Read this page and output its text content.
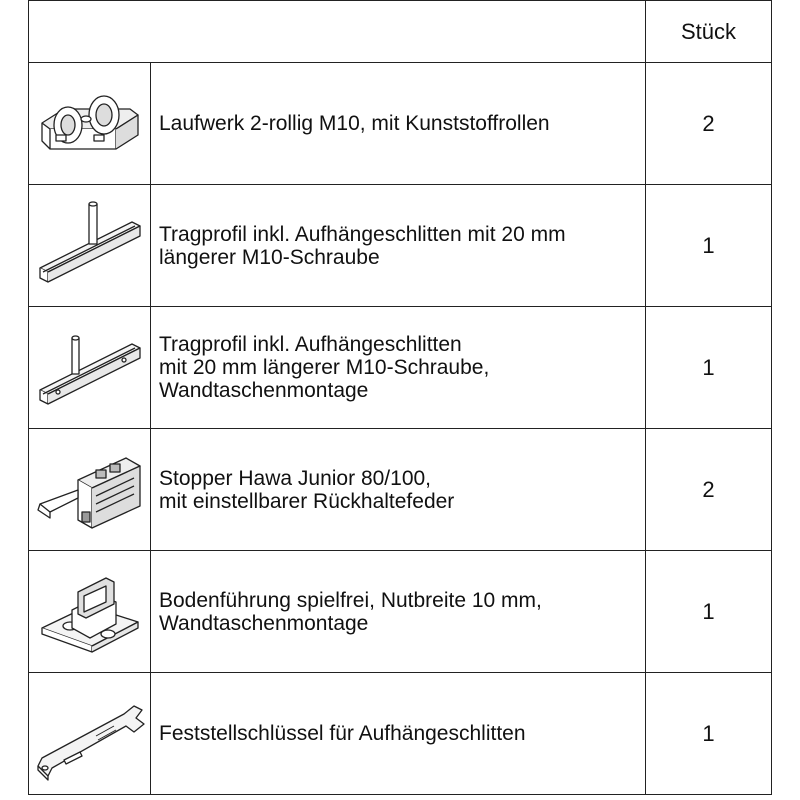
		Stück

Laufwerk 2-rollig M10, mit Kunststoffrollen	2

Tragprofil inkl. Aufhängeschlitten mit 20 mm
längerer M10-Schraube	1

Tragprofil inkl. Aufhängeschlitten
mit 20 mm längerer M10-Schraube,
Wandtaschenmontage	1

Stopper Hawa Junior 80/100,
mit einstellbarer Rückhaltefeder	2

Bodenführung spielfrei, Nutbreite 10 mm,
Wandtaschenmontage	1

Feststellschlüssel für Aufhängeschlitten	1
